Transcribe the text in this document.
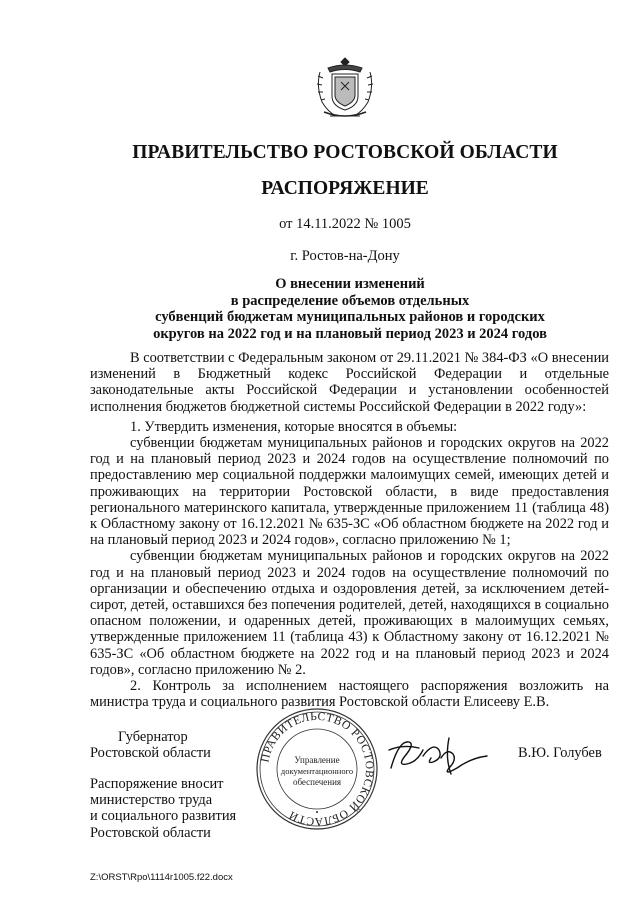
ПРАВИТЕЛЬСТВО РОСТОВСКОЙ ОБЛАСТИ
РАСПОРЯЖЕНИЕ
от 14.11.2022 № 1005
г. Ростов-на-Дону
О внесении изменений
в распределение объемов отдельных
субвенций бюджетам муниципальных районов и городских
округов на 2022 год и на плановый период 2023 и 2024 годов

В соответствии с Федеральным законом от 29.11.2021 № 384-ФЗ «О внесении изменений в Бюджетный кодекс Российской Федерации и отдельные законодательные акты Российской Федерации и установлении особенностей исполнения бюджетов бюджетной системы Российской Федерации в 2022 году»:

1. Утвердить изменения, которые вносятся в объемы:

субвенции бюджетам муниципальных районов и городских округов на 2022 год и на плановый период 2023 и 2024 годов на осуществление полномочий по предоставлению мер социальной поддержки малоимущих семей, имеющих детей и проживающих на территории Ростовской области, в виде предоставления регионального материнского капитала, утвержденные приложением 11 (таблица 48) к Областному закону от 16.12.2021 № 635-ЗС «Об областном бюджете на 2022 год и на плановый период 2023 и 2024 годов», согласно приложению № 1;

субвенции бюджетам муниципальных районов и городских округов на 2022 год и на плановый период 2023 и 2024 годов на осуществление полномочий по организации и обеспечению отдыха и оздоровления детей, за исключением детей-сирот, детей, оставшихся без попечения родителей, детей, находящихся в социально опасном положении, и одаренных детей, проживающих в малоимущих семьях, утвержденные приложением 11 (таблица 43) к Областному закону от 16.12.2021 № 635-ЗС «Об областном бюджете на 2022 год и на плановый период 2023 и 2024 годов», согласно приложению № 2.

2. Контроль за исполнением настоящего распоряжения возложить на министра труда и социального развития Ростовской области Елисееву Е.В.

Губернатор
Ростовской области	ПРАВИТЕЛЬСТВО РОСТОВСКОЙ ОБЛАСТИ
Управление
документационного
обеспечения
•
В.Ю. Голубев
Распоряжение вносит
министерство труда
и социального развития
Ростовской области
Z:\ORST\Rpo\1114r1005.f22.docx
